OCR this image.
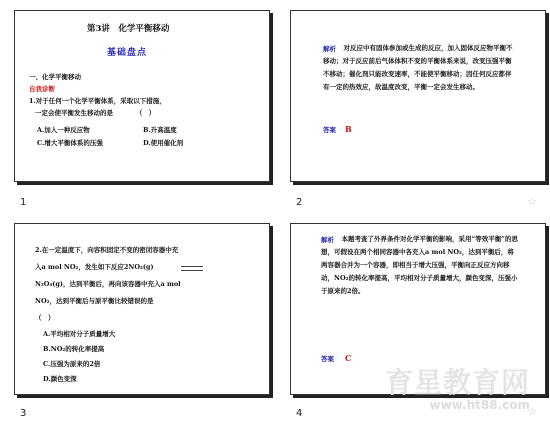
第3讲　化学平衡移动
基础盘点
一、化学平衡移动
自我诊断
1.对于任何一个化学平衡体系，采取以下措施，
一定会使平衡发生移动的是　　　　（　）
A.加入一种反应物	B.升高温度
C.增大平衡体系的压强	D.使用催化剂
1
解析 　对反应中有固体参加或生成的反应，加入固体反应物平衡不移动；对于反应前后气体体积不变的平衡体系来说，改变压强平衡不移动；催化剂只能改变速率，不能使平衡移动；因任何反应都伴有一定的热效应，故温度改变，平衡一定会发生移动。
答案 B
2	☆
2.在一定温度下，向容积固定不变的密闭容器中充
入a mol NO₂，发生如下反应2NO₂(g)
N₂O₄(g)，达到平衡后，再向该容器中充入a mol
NO₂，达到平衡后与原平衡比较错误的是
（　）
A.平均相对分子质量增大
B.NO₂的转化率提高
C.压强为原来的2倍
D.颜色变深
3
解析 　本题考查了外界条件对化学平衡的影响，采用“等效平衡”的思想，可假设在两个相同容器中各充入a mol NO₂，达到平衡后，将两容器合并为一个容器，即相当于增大压强，平衡向正反应方向移动，NO₂的转化率提高，平均相对分子质量增大，颜色变深，压强小于原来的2倍。
答案 C
4	☆
育星教育网
www.ht88.com
